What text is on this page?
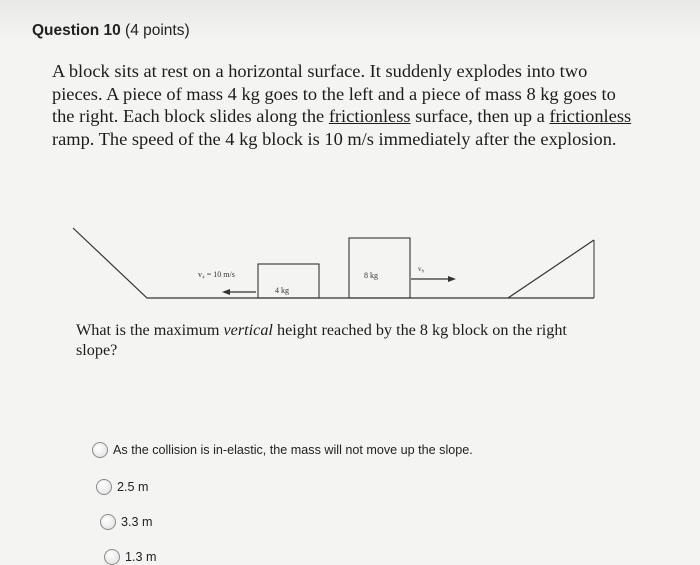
Question 10 (4 points)
A block sits at rest on a horizontal surface. It suddenly explodes into two pieces. A piece of mass 4 kg goes to the left and a piece of mass 8 kg goes to the right. Each block slides along the frictionless surface, then up a frictionless ramp. The speed of the 4 kg block is 10 m/s immediately after the explosion.
v₄ = 10 m/s
v₈
4 kg
8 kg
What is the maximum vertical height reached by the 8 kg block on the right slope?
As the collision is in-elastic, the mass will not move up the slope.
2.5 m
3.3 m
1.3 m
